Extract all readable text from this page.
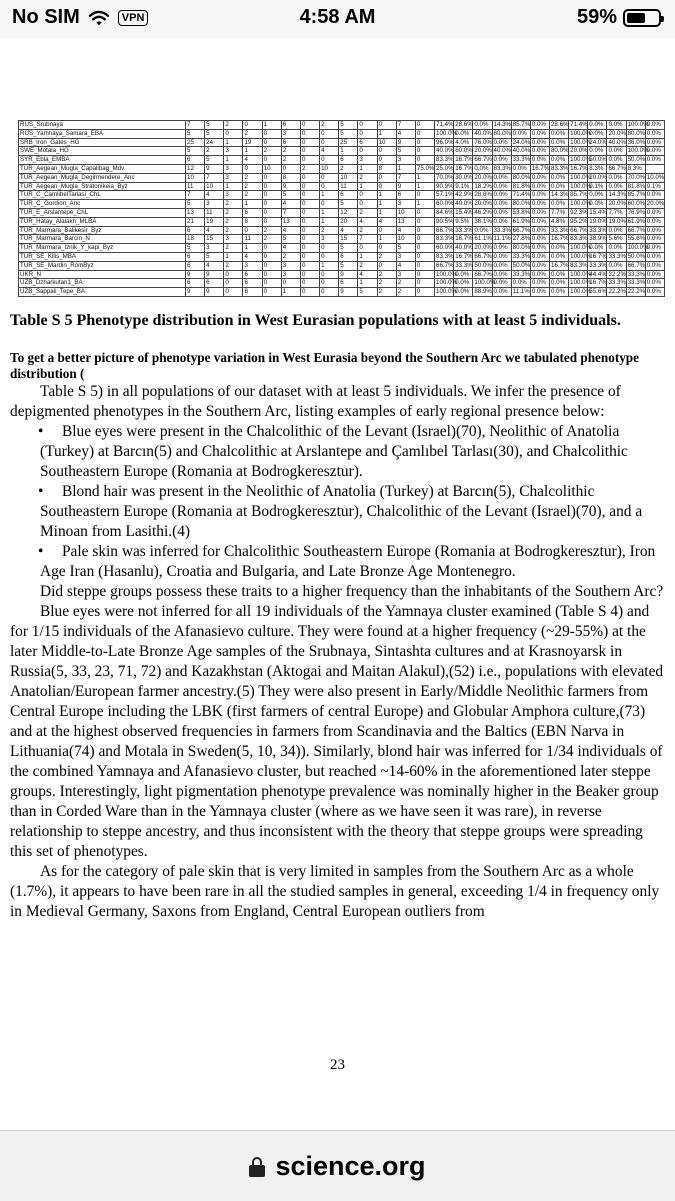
No SIM	VPN	4:58 AM	59%
RUS_Srubnaya	7	5	2	0	1	6	0	2	5	0	0	7	0	71.4%	28.6%	0.0%	14.3%	85.7%	0.0%	28.6%	71.4%	0.0%	0.0%	100.0%	0.0%
RUS_Yamnaya_Samara_EBA	5	5	0	2	0	3	0	0	5	0	1	4	0	100.0%	0.0%	40.0%	60.0%	0.0%	0.0%	0.0%	100.0%	0.0%	20.0%	80.0%	0.0%
SRB_Iron_Gates_HG	25	24	1	19	0	6	0	0	25	6	10	9	0	96.0%	4.0%	76.0%	0.0%	24.0%	0.0%	0.0%	100.0%	24.0%	40.0%	36.0%	0.0%
SWE_Motala_HG	5	2	3	1	2	2	0	4	1	0	0	5	0	40.0%	60.0%	20.0%	40.0%	40.0%	0.0%	80.0%	20.0%	0.0%	0.0%	100.0%	0.0%
SYR_Ebla_EMBA	6	5	1	4	0	2	0	0	6	3	0	3	0	83.3%	16.7%	66.7%	0.0%	33.3%	0.0%	0.0%	100.0%	50.0%	0.0%	50.0%	0.0%
TUR_Aegean_Mugla_Capalibag_Mdv	12	9	3	0	10	0	2	10	2	1	8	1	75.0%	25.0%	16.7%	0.0%	83.3%	0.0%	16.7%	83.3%	16.7%	8.3%	66.7%	8.3%	
TUR_Aegean_Mugla_Degirmendere_Anc	10	7	3	2	0	8	0	0	10	2	0	7	1	70.0%	30.0%	20.0%	0.0%	80.0%	0.0%	0.0%	100.0%	20.0%	0.0%	70.0%	10.0%
TUR_Aegean_Mugla_Stratonikeia_Byz	11	10	1	2	0	9	0	0	11	1	0	9	1	90.9%	9.1%	18.2%	0.0%	81.8%	0.0%	0.0%	100.0%	9.1%	0.0%	81.8%	9.1%
TUR_C_CamlibelTarlasi_ChL	7	4	3	2	0	5	0	1	6	0	1	6	0	57.1%	42.9%	28.6%	0.0%	71.4%	0.0%	14.3%	85.7%	0.0%	14.3%	85.7%	0.0%
TUR_C_Gordion_Anc	5	3	2	1	0	4	0	0	5	0	1	3	1	60.0%	40.0%	20.0%	0.0%	80.0%	0.0%	0.0%	100.0%	0.0%	20.0%	60.0%	20.0%
TUR_E_Arslantepe_ChL	13	11	2	6	0	7	0	1	12	2	1	10	0	84.6%	15.4%	46.2%	0.0%	53.8%	0.0%	7.7%	92.3%	15.4%	7.7%	76.9%	0.0%
TUR_Hatay_Alalakh_MLBA	21	19	2	8	0	13	0	1	20	4	4	13	0	90.5%	9.5%	38.1%	0.0%	61.9%	0.0%	4.8%	95.2%	19.0%	19.0%	61.9%	0.0%
TUR_Marmara_Balikesir_Byz	6	4	2	0	2	4	0	2	4	2	0	4	0	66.7%	33.3%	0.0%	33.3%	66.7%	0.0%	33.3%	66.7%	33.3%	0.0%	66.7%	0.0%
TUR_Marmara_Barcin_N	18	15	3	11	2	5	0	3	15	7	1	10	0	83.3%	16.7%	61.1%	11.1%	27.8%	0.0%	16.7%	83.3%	38.9%	5.6%	55.6%	0.0%
TUR_Marmara_Iznik_Y_kapi_Byz	5	3	2	1	0	4	0	0	5	0	0	5	0	60.0%	40.0%	20.0%	0.0%	80.0%	0.0%	0.0%	100.0%	0.0%	0.0%	100.0%	0.0%
TUR_SE_Kilis_MBA	6	5	1	4	0	2	0	0	6	1	2	3	0	83.3%	16.7%	66.7%	0.0%	33.3%	0.0%	0.0%	100.0%	16.7%	33.3%	50.0%	0.0%
TUR_SE_Mardin_RomByz	6	4	2	3	0	3	0	1	5	2	0	4	0	66.7%	33.3%	50.0%	0.0%	50.0%	0.0%	16.7%	83.3%	33.3%	0.0%	66.7%	0.0%
UKR_N	9	9	0	6	0	3	0	0	9	4	2	3	0	100.0%	0.0%	66.7%	0.0%	33.3%	0.0%	0.0%	100.0%	44.4%	22.2%	33.3%	0.0%
UZB_Dzharkutan1_BA	6	6	0	6	0	0	0	0	6	1	2	2	0	100.0%	0.0%	100.0%	0.0%	0.0%	0.0%	0.0%	100.0%	16.7%	33.3%	33.3%	0.0%
UZB_Sappali_Tepe_BA	9	9	0	8	0	1	0	0	9	5	2	2	0	100.0%	0.0%	88.9%	0.0%	11.1%	0.0%	0.0%	100.0%	55.6%	22.2%	22.2%	0.0%

Table S 5 Phenotype distribution in West Eurasian populations with at least 5 individuals.

To get a better picture of phenotype variation in West Eurasia beyond the Southern Arc we tabulated phenotype distribution (

Table S 5) in all populations of our dataset with at least 5 individuals. We infer the presence of depigmented phenotypes in the Southern Arc, listing examples of early regional presence below:

• Blue eyes were present in the Chalcolithic of the Levant (Israel)(70), Neolithic of Anatolia (Turkey) at Barcın(5) and Chalcolithic at Arslantepe and Çamlıbel Tarlası(30), and Chalcolithic Southeastern Europe (Romania at Bodrogkeresztur).

• Blond hair was present in the Neolithic of Anatolia (Turkey) at Barcın(5), Chalcolithic Southeastern Europe (Romania at Bodrogkeresztur), Chalcolithic of the Levant (Israel)(70), and a Minoan from Lasithi.(4)

• Pale skin was inferred for Chalcolithic Southeastern Europe (Romania at Bodrogkeresztur), Iron Age Iran (Hasanlu), Croatia and Bulgaria, and Late Bronze Age Montenegro.

Did steppe groups possess these traits to a higher frequency than the inhabitants of the Southern Arc?

Blue eyes were not inferred for all 19 individuals of the Yamnaya cluster examined (Table S 4) and for 1/15 individuals of the Afanasievo culture. They were found at a higher frequency (~29-55%) at the later Middle-to-Late Bronze Age samples of the Srubnaya, Sintashta cultures and at Krasnoyarsk in Russia(5, 33, 23, 71, 72) and Kazakhstan (Aktogai and Maitan Alakul),(52) i.e., populations with elevated Anatolian/European farmer ancestry.(5) They were also present in Early/Middle Neolithic farmers from Central Europe including the LBK (first farmers of central Europe) and Globular Amphora culture,(73) and at the highest observed frequencies in farmers from Scandinavia and the Baltics (EBN Narva in Lithuania(74) and Motala in Sweden(5, 10, 34)). Similarly, blond hair was inferred for 1/34 individuals of the combined Yamnaya and Afanasievo cluster, but reached ~14-60% in the aforementioned later steppe groups. Interestingly, light pigmentation phenotype prevalence was nominally higher in the Beaker group than in Corded Ware than in the Yamnaya cluster (where as we have seen it was rare), in reverse relationship to steppe ancestry, and thus inconsistent with the theory that steppe groups were spreading this set of phenotypes.

As for the category of pale skin that is very limited in samples from the Southern Arc as a whole (1.7%), it appears to have been rare in all the studied samples in general, exceeding 1/4 in frequency only in Medieval Germany, Saxons from England, Central European outliers from

23
science.org
